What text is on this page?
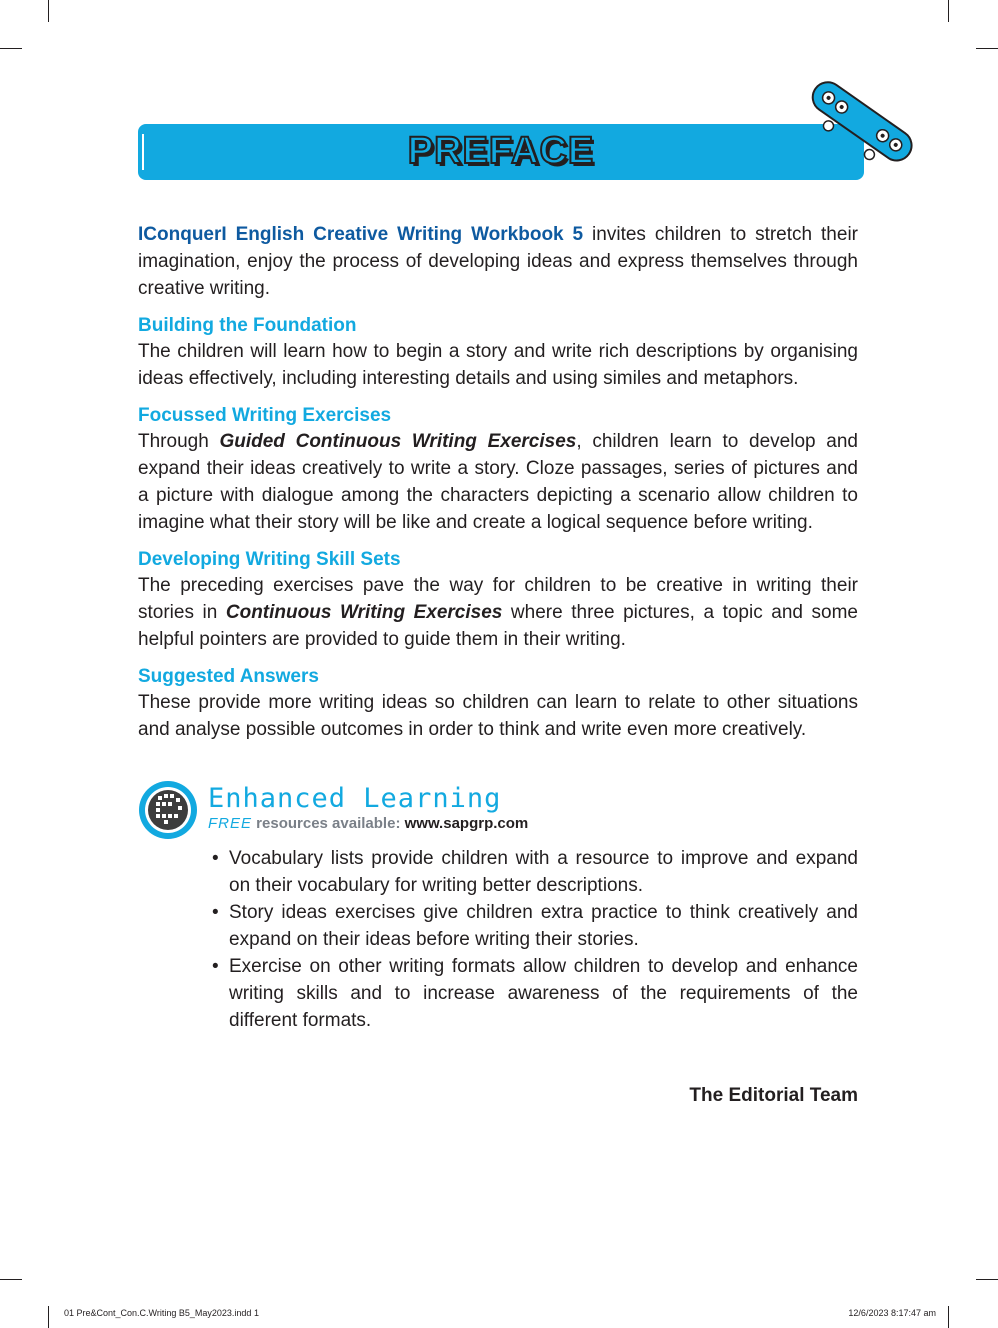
PREFACE

IConquerI English Creative Writing Workbook 5 invites children to stretch their imagination, enjoy the process of developing ideas and express themselves through creative writing.

Building the Foundation

The children will learn how to begin a story and write rich descriptions by organising ideas effectively, including interesting details and using similes and metaphors.

Focussed Writing Exercises

Through Guided Continuous Writing Exercises, children learn to develop and expand their ideas creatively to write a story. Cloze passages, series of pictures and a picture with dialogue among the characters depicting a scenario allow children to imagine what their story will be like and create a logical sequence before writing.

Developing Writing Skill Sets

The preceding exercises pave the way for children to be creative in writing their stories in Continuous Writing Exercises where three pictures, a topic and some helpful pointers are provided to guide them in their writing.

Suggested Answers

These provide more writing ideas so children can learn to relate to other situations and analyse possible outcomes in order to think and write even more creatively.

Enhanced Learning
FREE resources available: www.sapgrp.com
• Vocabulary lists provide children with a resource to improve and expand on their vocabulary for writing better descriptions.
• Story ideas exercises give children extra practice to think creatively and expand on their ideas before writing their stories.
• Exercise on other writing formats allow children to develop and enhance writing skills and to increase awareness of the requirements of the different formats.
The Editorial Team
01 Pre&Cont_Con.C.Writing B5_May2023.indd 1	12/6/2023 8:17:47 am
